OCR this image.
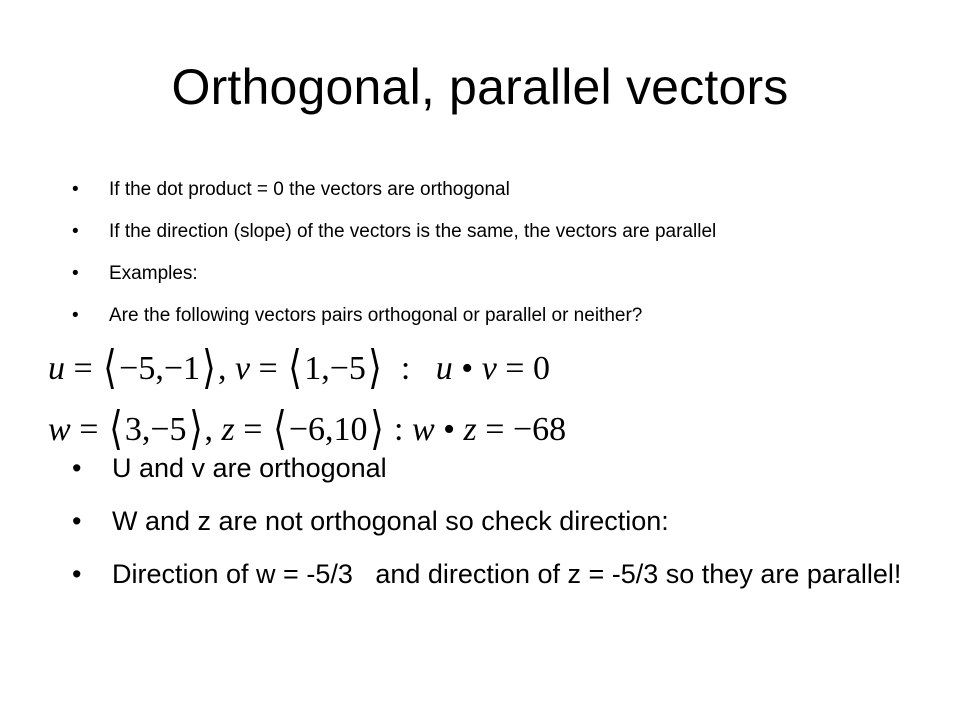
Orthogonal, parallel vectors
• If the dot product = 0 the vectors are orthogonal
• If the direction (slope) of the vectors is the same, the vectors are parallel
• Examples:
• Are the following vectors pairs orthogonal or parallel or neither?
u = ⟨−5,−1⟩, v = ⟨1,−5⟩  :   u • v = 0
w = ⟨3,−5⟩, z = ⟨−6,10⟩ : w • z = −68
• U and v are orthogonal
• W and z are not orthogonal so check direction:
• Direction of w = -5/3   and direction of z = -5/3 so they are parallel!
